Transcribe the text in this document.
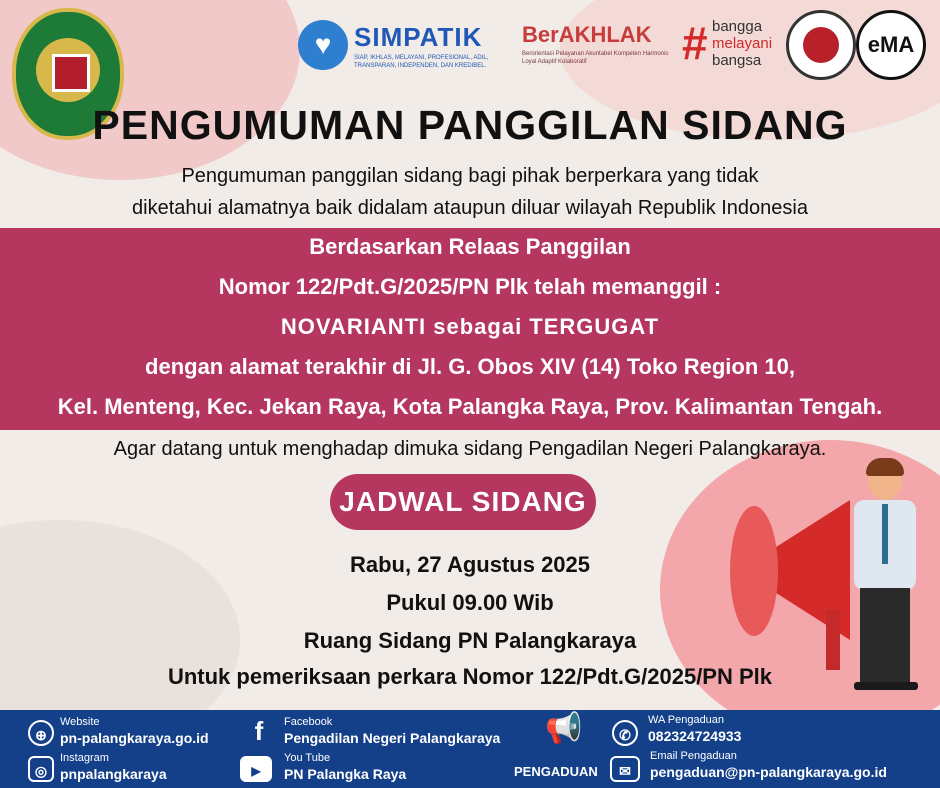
♥ SIMPATIK
SIAP, IKHLAS, MELAYANI, PROFESIONAL, ADIL, TRANSPARAN, INDEPENDEN, DAN KREDIBEL.
BerAKHLAK
Berorientasi Pelayanan Akuntabel Kompeten Harmonis Loyal Adaptif Kolaboratif	# bangga
melayani
bangsa
eMA
PENGUMUMAN PANGGILAN SIDANG
Pengumuman panggilan sidang bagi pihak berperkara yang tidak
diketahui alamatnya baik didalam ataupun diluar wilayah Republik Indonesia
Berdasarkan Relaas Panggilan
Nomor 122/Pdt.G/2025/PN Plk telah memanggil :
NOVARIANTI sebagai TERGUGAT
dengan alamat terakhir di Jl. G. Obos XIV (14) Toko Region 10,
Kel. Menteng, Kec. Jekan Raya, Kota Palangka Raya, Prov. Kalimantan Tengah.
Agar datang untuk menghadap dimuka sidang Pengadilan Negeri Palangkaraya.
JADWAL SIDANG
Rabu, 27 Agustus 2025
Pukul 09.00 Wib
Ruang Sidang PN Palangkaraya
Untuk pemeriksaan perkara Nomor 122/Pdt.G/2025/PN Plk
⊕
Website
pn-palangkaraya.go.id
◎
Instagram
pnpalangkaraya
f	Facebook
Pengadilan Negeri Palangkaraya
▶
You Tube
PN Palangka Raya
📢
PENGADUAN
✆
WA Pengaduan
082324724933
✉
Email Pengaduan
pengaduan@pn-palangkaraya.go.id
